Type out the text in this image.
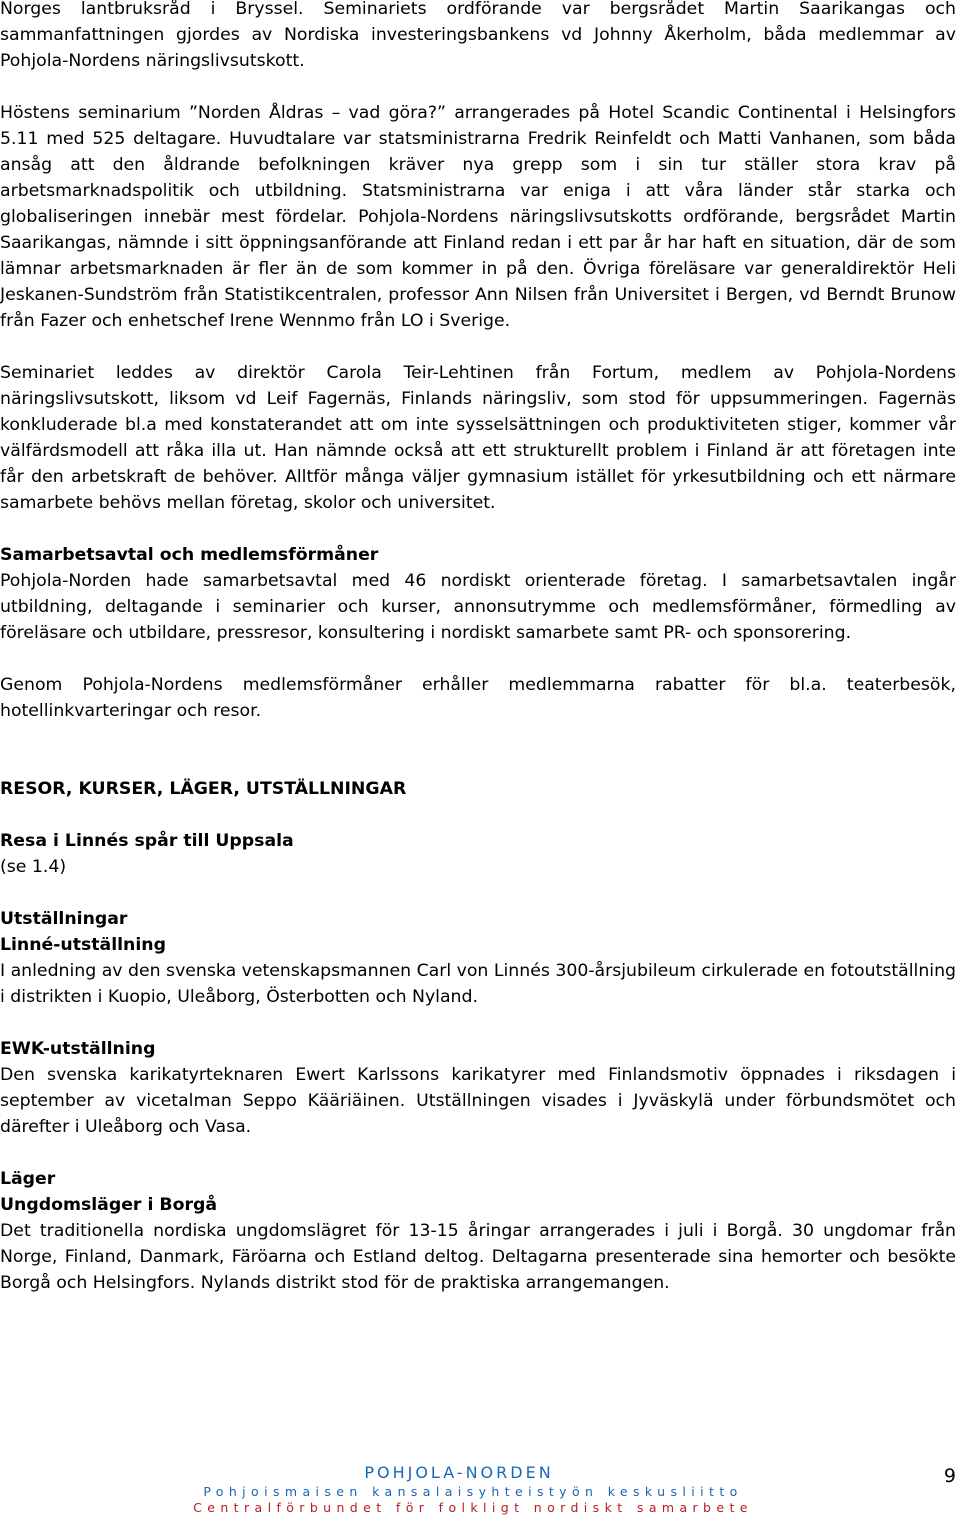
Norges lantbruksråd i Bryssel. Seminariets ordförande var bergsrådet Martin Saarikangas och sammanfattningen gjordes av Nordiska investeringsbankens vd Johnny Åkerholm, båda medlemmar av Pohjola-Nordens näringslivsutskott.

Höstens seminarium ”Norden Åldras – vad göra?” arrangerades på Hotel Scandic Continental i Helsingfors 5.11 med 525 deltagare. Huvudtalare var statsministrarna Fredrik Reinfeldt och Matti Vanhanen, som båda ansåg att den åldrande befolkningen kräver nya grepp som i sin tur ställer stora krav på arbetsmarknadspolitik och utbildning. Statsministrarna var eniga i att våra länder står starka och globaliseringen innebär mest fördelar. Pohjola-Nordens näringslivsutskotts ordförande, bergsrådet Martin Saarikangas, nämnde i sitt öppningsanförande att Finland redan i ett par år har haft en situation, där de som lämnar arbetsmarknaden är fler än de som kommer in på den. Övriga föreläsare var generaldirektör Heli Jeskanen-Sundström från Statistikcentralen, professor Ann Nilsen från Universitet i Bergen, vd Berndt Brunow från Fazer och enhetschef Irene Wennmo från LO i Sverige.

Seminariet leddes av direktör Carola Teir-Lehtinen från Fortum, medlem av Pohjola-Nordens näringslivsutskott, liksom vd Leif Fagernäs, Finlands näringsliv, som stod för uppsummeringen. Fagernäs konkluderade bl.a med konstaterandet att om inte sysselsättningen och produktiviteten stiger, kommer vår välfärdsmodell att råka illa ut. Han nämnde också att ett strukturellt problem i Finland är att företagen inte får den arbetskraft de behöver. Alltför många väljer gymnasium istället för yrkesutbildning och ett närmare samarbete behövs mellan företag, skolor och universitet.

Samarbetsavtal och medlemsförmåner

Pohjola-Norden hade samarbetsavtal med 46 nordiskt orienterade företag. I samarbetsavtalen ingår utbildning, deltagande i seminarier och kurser, annonsutrymme och medlemsförmåner, förmedling av föreläsare och utbildare, pressresor, konsultering i nordiskt samarbete samt PR- och sponsorering.

Genom Pohjola-Nordens medlemsförmåner erhåller medlemmarna rabatter för bl.a. teaterbesök, hotellinkvarteringar och resor.

RESOR, KURSER, LÄGER, UTSTÄLLNINGAR
Resa i Linnés spår till Uppsala

(se 1.4)

Utställningar
Linné-utställning

I anledning av den svenska vetenskapsmannen Carl von Linnés 300-årsjubileum cirkulerade en fotoutställning i distrikten i Kuopio, Uleåborg, Österbotten och Nyland.

EWK-utställning

Den svenska karikatyrteknaren Ewert Karlssons karikatyrer med Finlandsmotiv öppnades i riksdagen i september av vicetalman Seppo Kääriäinen. Utställningen visades i Jyväskylä under förbundsmötet och därefter i Uleåborg och Vasa.

Läger
Ungdomsläger i Borgå

Det traditionella nordiska ungdomslägret för 13-15 åringar arrangerades i juli i Borgå. 30 ungdomar från Norge, Finland, Danmark, Färöarna och Estland deltog. Deltagarna presenterade sina hemorter och besökte Borgå och Helsingfors. Nylands distrikt stod för de praktiska arrangemangen.

POHJOLA-NORDEN
Pohjoismaisen kansalaisyhteistyön keskusliitto
Centralförbundet för folkligt nordiskt samarbete
9
